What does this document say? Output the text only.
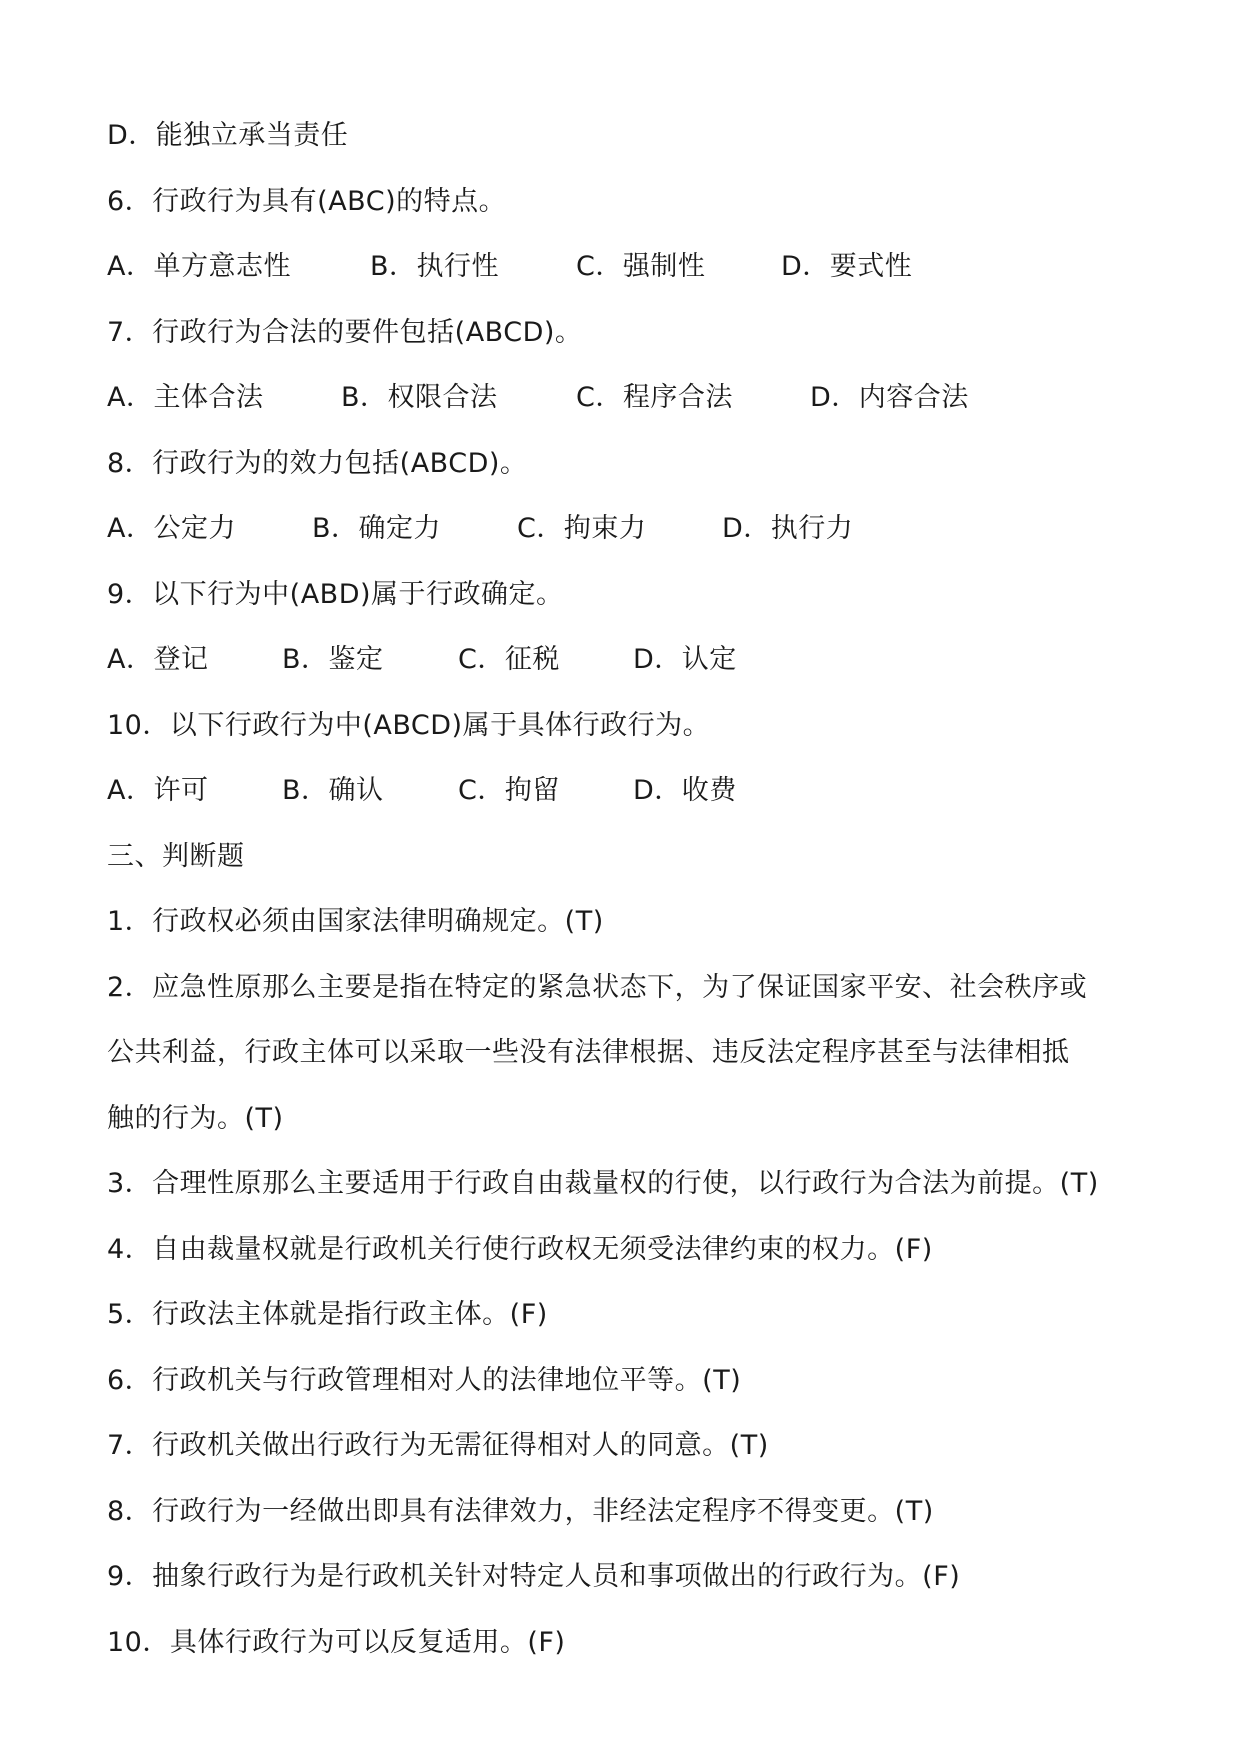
D．能独立承当责任
6．行政行为具有(ABC)的特点。
A．单方意志性	B．执行性	C．强制性	D．要式性
7．行政行为合法的要件包括(ABCD)。
A．主体合法	B．权限合法	C．程序合法	D．内容合法
8．行政行为的效力包括(ABCD)。
A．公定力	B．确定力	C．拘束力	D．执行力
9．以下行为中(ABD)属于行政确定。
A．登记	B．鉴定	C．征税	D．认定
10．以下行政行为中(ABCD)属于具体行政行为。
A．许可	B．确认	C．拘留	D．收费
三、判断题
1．行政权必须由国家法律明确规定。(T)
2．应急性原那么主要是指在特定的紧急状态下，为了保证国家平安、社会秩序或
公共利益，行政主体可以采取一些没有法律根据、违反法定程序甚至与法律相抵
触的行为。(T)
3．合理性原那么主要适用于行政自由裁量权的行使，以行政行为合法为前提。(T)
4．自由裁量权就是行政机关行使行政权无须受法律约束的权力。(F)
5．行政法主体就是指行政主体。(F)
6．行政机关与行政管理相对人的法律地位平等。(T)
7．行政机关做出行政行为无需征得相对人的同意。(T)
8．行政行为一经做出即具有法律效力，非经法定程序不得变更。(T)
9．抽象行政行为是行政机关针对特定人员和事项做出的行政行为。(F)
10．具体行政行为可以反复适用。(F)
